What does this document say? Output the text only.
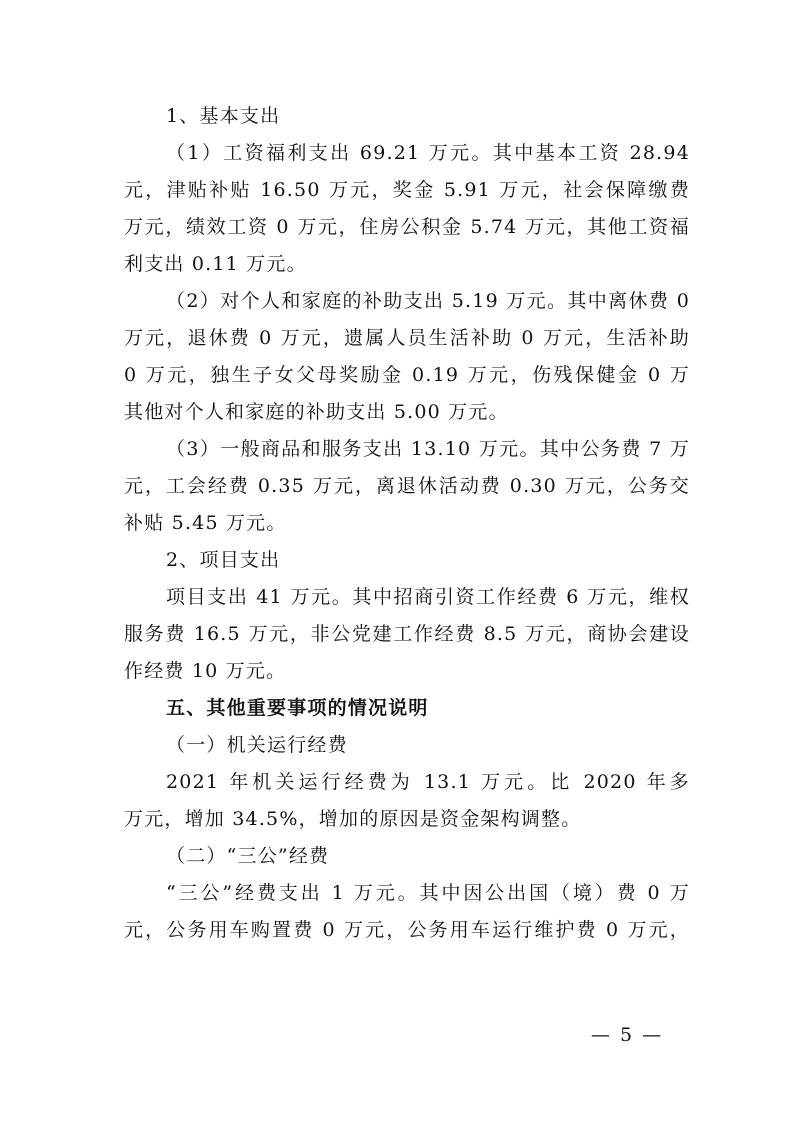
1、基本支出
（1）工资福利支出 69.21 万元。其中基本工资 28.94
元，津贴补贴 16.50 万元，奖金 5.91 万元，社会保障缴费
万元，绩效工资 0 万元，住房公积金 5.74 万元，其他工资福
利支出 0.11 万元。
（2）对个人和家庭的补助支出 5.19 万元。其中离休费 0
万元，退休费 0 万元，遗属人员生活补助 0 万元，生活补助
0 万元，独生子女父母奖励金 0.19 万元，伤残保健金 0 万
其他对个人和家庭的补助支出 5.00 万元。
（3）一般商品和服务支出 13.10 万元。其中公务费 7 万
元，工会经费 0.35 万元，离退休活动费 0.30 万元，公务交
补贴 5.45 万元。
2、项目支出
项目支出 41 万元。其中招商引资工作经费 6 万元，维权
服务费 16.5 万元，非公党建工作经费 8.5 万元，商协会建设
作经费 10 万元。
五、其他重要事项的情况说明
（一）机关运行经费
2021 年机关运行经费为 13.1 万元。比 2020 年多
万元，增加 34.5%，增加的原因是资金架构调整。
（二）“三公”经费
“三公”经费支出 1 万元。其中因公出国（境）费 0 万
元，公务用车购置费 0 万元，公务用车运行维护费 0 万元，
— 5 —
